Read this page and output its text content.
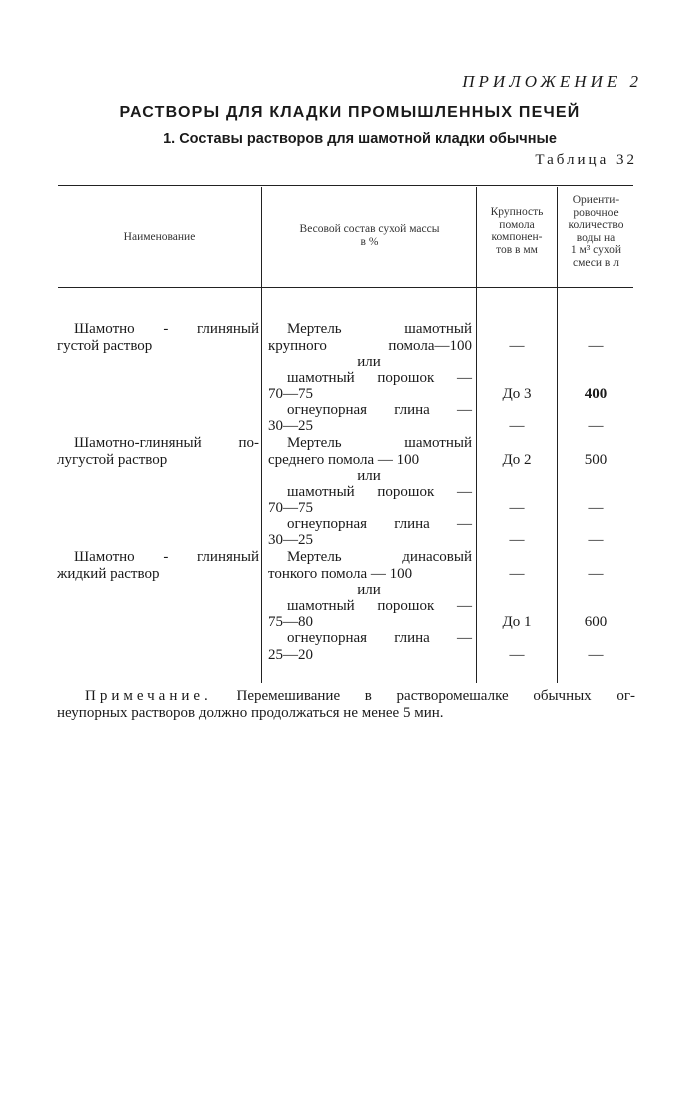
ПРИЛОЖЕНИЕ 2
РАСТВОРЫ ДЛЯ КЛАДКИ ПРОМЫШЛЕННЫХ ПЕЧЕЙ
1. Составы растворов для шамотной кладки обычные
Таблица 32
Наименование
Весовой состав сухой массы
в %
Крупность
помола
компонен-
тов в мм
Ориенти-
ровочное
количество
воды на
1 м³ сухой
смеси в л
Шамотно - глиняный
густой раствор
Мертель шамотный
крупного помола—100
или
шамотный порошок —
70—75
огнеупорная глина —
30—25
—
До 3
—
—
400
—
Шамотно-глиняный по-
лугустой раствор
Мертель шамотный
среднего помола — 100
или
шамотный порошок —
70—75
огнеупорная глина —
30—25
До 2
—
—
500
—
—
Шамотно - глиняный
жидкий раствор
Мертель динасовый
тонкого помола — 100
или
шамотный порошок —
75—80
огнеупорная глина —
25—20
—
До 1
—
—
600
—
Примечание. Перемешивание в растворомешалке обычных ог-
неупорных растворов должно продолжаться не менее 5 мин.
